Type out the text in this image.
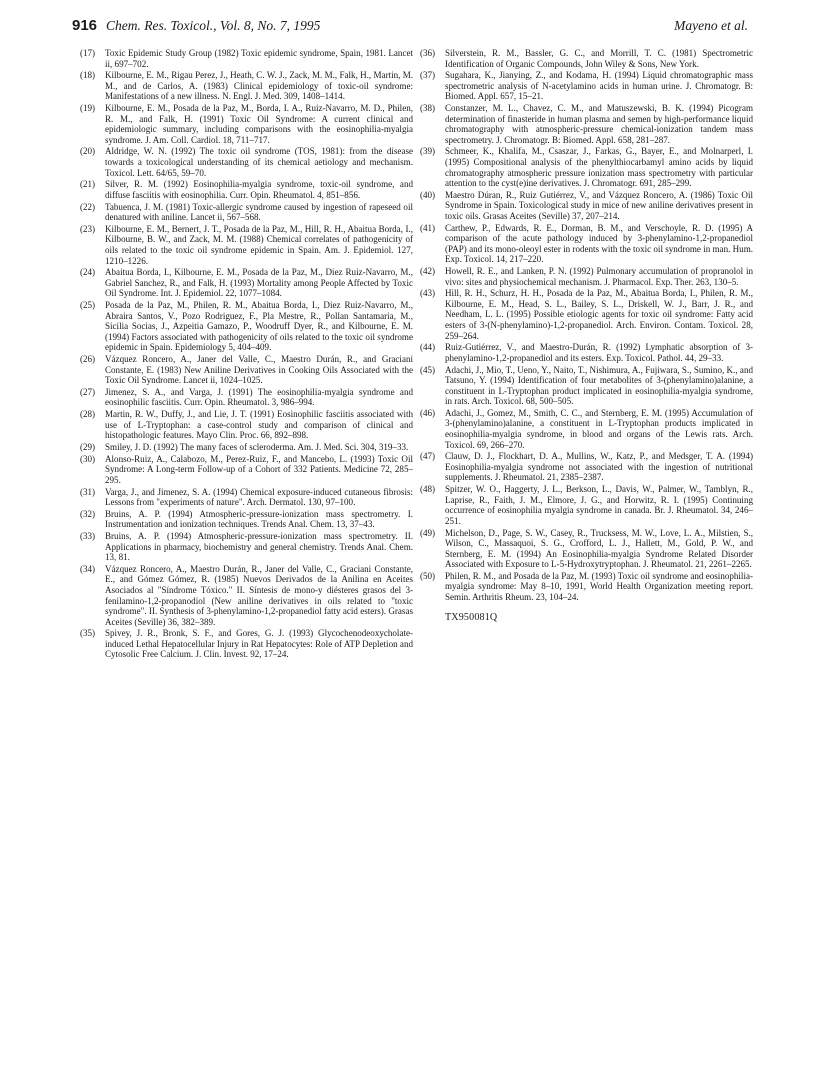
916 Chem. Res. Toxicol., Vol. 8, No. 7, 1995	Mayeno et al.
(17)	Toxic Epidemic Study Group (1982) Toxic epidemic syndrome, Spain, 1981. Lancet ii, 697–702.
(18)	Kilbourne, E. M., Rigau Perez, J., Heath, C. W. J., Zack, M. M., Falk, H., Martin, M. M., and de Carlos, A. (1983) Clinical epidemiology of toxic-oil syndrome: Manifestations of a new illness. N. Engl. J. Med. 309, 1408–1414.
(19)	Kilbourne, E. M., Posada de la Paz, M., Borda, I. A., Ruiz-Navarro, M. D., Philen, R. M., and Falk, H. (1991) Toxic Oil Syndrome: A current clinical and epidemiologic summary, including comparisons with the eosinophilia-myalgia syndrome. J. Am. Coll. Cardiol. 18, 711–717.
(20)	Aldridge, W. N. (1992) The toxic oil syndrome (TOS, 1981): from the disease towards a toxicological understanding of its chemical aetiology and mechanism. Toxicol. Lett. 64/65, 59–70.
(21)	Silver, R. M. (1992) Eosinophilia-myalgia syndrome, toxic-oil syndrome, and diffuse fasciitis with eosinophilia. Curr. Opin. Rheumatol. 4, 851–856.
(22)	Tabuenca, J. M. (1981) Toxic-allergic syndrome caused by ingestion of rapeseed oil denatured with aniline. Lancet ii, 567–568.
(23)	Kilbourne, E. M., Bernert, J. T., Posada de la Paz, M., Hill, R. H., Abaitua Borda, I., Kilbourne, B. W., and Zack, M. M. (1988) Chemical correlates of pathogenicity of oils related to the toxic oil syndrome epidemic in Spain. Am. J. Epidemiol. 127, 1210–1226.
(24)	Abaitua Borda, I., Kilbourne, E. M., Posada de la Paz, M., Diez Ruiz-Navarro, M., Gabriel Sanchez, R., and Falk, H. (1993) Mortality among People Affected by Toxic Oil Syndrome. Int. J. Epidemiol. 22, 1077–1084.
(25)	Posada de la Paz, M., Philen, R. M., Abaitua Borda, I., Diez Ruiz-Navarro, M., Abraira Santos, V., Pozo Rodriguez, F., Pla Mestre, R., Pollan Santamaria, M., Sicilia Socias, J., Azpeitia Gamazo, P., Woodruff Dyer, R., and Kilbourne, E. M. (1994) Factors associated with pathogenicity of oils related to the toxic oil syndrome epidemic in Spain. Epidemiology 5, 404–409.
(26)	Vázquez Roncero, A., Janer del Valle, C., Maestro Durán, R., and Graciani Constante, E. (1983) New Aniline Derivatives in Cooking Oils Associated with the Toxic Oil Syndrome. Lancet ii, 1024–1025.
(27)	Jimenez, S. A., and Varga, J. (1991) The eosinophilia-myalgia syndrome and eosinophilic fasciitis. Curr. Opin. Rheumatol. 3, 986–994.
(28)	Martin, R. W., Duffy, J., and Lie, J. T. (1991) Eosinophilic fasciitis associated with use of L-Tryptophan: a case-control study and comparison of clinical and histopathologic features. Mayo Clin. Proc. 66, 892–898.
(29)	Smiley, J. D. (1992) The many faces of scleroderma. Am. J. Med. Sci. 304, 319–33.
(30)	Alonso-Ruiz, A., Calabozo, M., Perez-Ruiz, F., and Mancebo, L. (1993) Toxic Oil Syndrome: A Long-term Follow-up of a Cohort of 332 Patients. Medicine 72, 285–295.
(31)	Varga, J., and Jimenez, S. A. (1994) Chemical exposure-induced cutaneous fibrosis: Lessons from "experiments of nature". Arch. Dermatol. 130, 97–100.
(32)	Bruins, A. P. (1994) Atmospheric-pressure-ionization mass spectrometry. I. Instrumentation and ionization techniques. Trends Anal. Chem. 13, 37–43.
(33)	Bruins, A. P. (1994) Atmospheric-pressure-ionization mass spectrometry. II. Applications in pharmacy, biochemistry and general chemistry. Trends Anal. Chem. 13, 81.
(34)	Vázquez Roncero, A., Maestro Durán, R., Janer del Valle, C., Graciani Constante, E., and Gómez Gómez, R. (1985) Nuevos Derivados de la Anilina en Aceites Asociados al "Síndrome Tóxico." II. Síntesis de mono-y diésteres grasos del 3-fenilamino-1,2-propanodiol (New aniline derivatives in oils related to "toxic syndrome". II. Synthesis of 3-phenylamino-1,2-propanediol fatty acid esters). Grasas Aceites (Seville) 36, 382–389.
(35)	Spivey, J. R., Bronk, S. F., and Gores, G. J. (1993) Glycochenodeoxycholate-induced Lethal Hepatocellular Injury in Rat Hepatocytes: Role of ATP Depletion and Cytosolic Free Calcium. J. Clin. Invest. 92, 17–24.
(36)	Silverstein, R. M., Bassler, G. C., and Morrill, T. C. (1981) Spectrometric Identification of Organic Compounds, John Wiley & Sons, New York.
(37)	Sugahara, K., Jianying, Z., and Kodama, H. (1994) Liquid chromatographic mass spectrometric analysis of N-acetylamino acids in human urine. J. Chromatogr. B: Biomed. Appl. 657, 15–21.
(38)	Constanzer, M. L., Chavez, C. M., and Matuszewski, B. K. (1994) Picogram determination of finasteride in human plasma and semen by high-performance liquid chromatography with atmospheric-pressure chemical-ionization tandem mass spectrometry. J. Chromatogr. B: Biomed. Appl. 658, 281–287.
(39)	Schmeer, K., Khalifa, M., Csaszar, J., Farkas, G., Bayer, E., and Molnarperl, I. (1995) Compositional analysis of the phenylthiocarbamyl amino acids by liquid chromatography atmospheric pressure ionization mass spectrometry with particular attention to the cyst(e)ine derivatives. J. Chromatogr. 691, 285–299.
(40)	Maestro Dúran, R., Ruiz Gutiérrez, V., and Vázquez Roncero, A. (1986) Toxic Oil Syndrome in Spain. Toxicological study in mice of new aniline derivatives present in toxic oils. Grasas Aceites (Seville) 37, 207–214.
(41)	Carthew, P., Edwards, R. E., Dorman, B. M., and Verschoyle, R. D. (1995) A comparison of the acute pathology induced by 3-phenylamino-1,2-propanediol (PAP) and its mono-oleoyl ester in rodents with the toxic oil syndrome in man. Hum. Exp. Toxicol. 14, 217–220.
(42)	Howell, R. E., and Lanken, P. N. (1992) Pulmonary accumulation of propranolol in vivo: sites and physiochemical mechanism. J. Pharmacol. Exp. Ther. 263, 130–5.
(43)	Hill, R. H., Schurz, H. H., Posada de la Paz, M., Abaitua Borda, I., Philen, R. M., Kilbourne, E. M., Head, S. L., Bailey, S. L., Driskell, W. J., Barr, J. R., and Needham, L. L. (1995) Possible etiologic agents for toxic oil syndrome: Fatty acid esters of 3-(N-phenylamino)-1,2-propanediol. Arch. Environ. Contam. Toxicol. 28, 259–264.
(44)	Ruiz-Gutiérrez, V., and Maestro-Durán, R. (1992) Lymphatic absorption of 3-phenylamino-1,2-propanediol and its esters. Exp. Toxicol. Pathol. 44, 29–33.
(45)	Adachi, J., Mio, T., Ueno, Y., Naito, T., Nishimura, A., Fujiwara, S., Sumino, K., and Tatsuno, Y. (1994) Identification of four metabolites of 3-(phenylamino)alanine, a constituent in L-Tryptophan product implicated in eosinophilia-myalgia syndrome, in rats. Arch. Toxicol. 68, 500–505.
(46)	Adachi, J., Gomez, M., Smith, C. C., and Sternberg, E. M. (1995) Accumulation of 3-(phenylamino)alanine, a constituent in L-Tryptophan products implicated in eosinophilia-myalgia syndrome, in blood and organs of the Lewis rats. Arch. Toxicol. 69, 266–270.
(47)	Clauw, D. J., Flockhart, D. A., Mullins, W., Katz, P., and Medsger, T. A. (1994) Eosinophilia-myalgia syndrome not associated with the ingestion of nutritional supplements. J. Rheumatol. 21, 2385–2387.
(48)	Spitzer, W. O., Haggerty, J. L., Berkson, L., Davis, W., Palmer, W., Tamblyn, R., Laprise, R., Faith, J. M., Elmore, J. G., and Horwitz, R. I. (1995) Continuing occurrence of eosinophilia myalgia syndrome in canada. Br. J. Rheumatol. 34, 246–251.
(49)	Michelson, D., Page, S. W., Casey, R., Trucksess, M. W., Love, L. A., Milstien, S., Wilson, C., Massaquoi, S. G., Crofford, L. J., Hallett, M., Gold, P. W., and Sternberg, E. M. (1994) An Eosinophilia-myalgia Syndrome Related Disorder Associated with Exposure to L-5-Hydroxytryptophan. J. Rheumatol. 21, 2261–2265.
(50)	Philen, R. M., and Posada de la Paz, M. (1993) Toxic oil syndrome and eosinophilia-myalgia syndrome: May 8–10, 1991, World Health Organization meeting report. Semin. Arthritis Rheum. 23, 104–24.
TX950081Q
